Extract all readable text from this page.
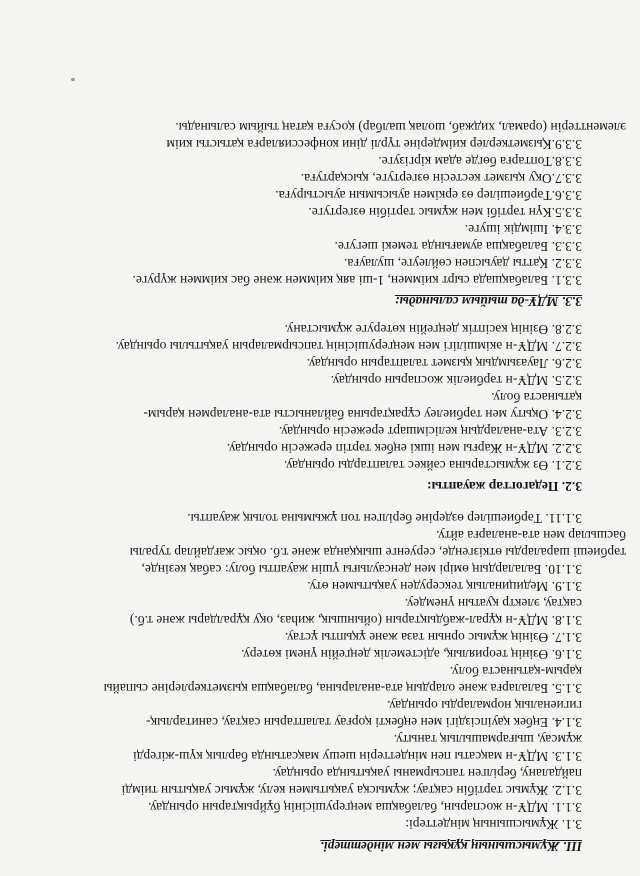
III. Жұмысшының құқығы мен міндеттері.

3.1. Жұмысшының міндеттері:

3.1.1. МДҰ-н жоспарын, балабақша меңгерушісінің бұйрықтарын орындау.

3.1.2. Жұмыс тәртібін сақтау; жұмысқа уақытымен келу, жұмыс уақытын тиімді

пайдалану, берілген тапсырманы уақытында орындау.

3.1.3. МДҰ-н мақсаты пен міндеттерін шешу мақсатында барлық күш-жігерді

жұмсау, шығармашылық таныту.

3.1.4. Еңбек қауіпсіздігі мен еңбекті қорғау талаптарын сақтау, санитарлық-

гигиеналық нормаларды орындау.

3.1.5. Балаларға және олардың ата-аналарына, балабақша қызметкерлеріне сыпайы

қарым-қатынаста болу.

3.1.6. Өзінің теориялық, әдістемелік деңгейін үнемі көтеру.

3.1.7. Өзінің жұмыс орнын таза және ұқыпты ұстау.

3.1.8. МДҰ-н құрал-жабдықтарын (ойыншық, жиһаз, оқу құралдары және т.б.)

сақтау, электр қуатын үнемдеу.

3.1.9. Медициналық тексеруден уақытымен өту.

3.1.10. Балалардың өмірі мен денсаулығы үшін жауапты болу: сабақ кезінде,

тәрбиеші шараларды өткізгенде, серуенге шыққанда және т.б. оқыс жағдайлар туралы

басшылар мен ата-аналарға айту.

3.1.11. Тәрбиешілер өздеріне берілген топ ұжымына толық жауапты.

3.2. Педагогтар жауапты:

3.2.1. Өз жұмыстарына сәйкес талаптарды орындау.

3.2.2. МДҰ-н Жарғы мен ішкі еңбек тәртіп ережесін орындау.

3.2.3. Ата-аналардың келісімшарт ережесін орындау.

3.2.4. Оқыту мен тәрбиелеу сұрақтарына байланысты ата-аналармен қарым-

қатынаста болу.

3.2.5. МДҰ-н тәрбиелік жоспарын орындау.

3.2.6. Лауазымдық қызмет талаптарын орындау.

3.2.7. МДҰ-н әкімшілігі мен меңгерушісінің тапсырмаларын уақытылы орындау.

3.2.8. Өзінің кәсіптік деңгейін көтеруге жұмыстану.

3.3. МДҰ-да тыйым салынады:

3.3.1. Балабақшада сырт киіммен, 1-ші аяқ киіммен және бас киіммен жүруге.

3.3.2. Қатты дауыспен сөйлеуге, шулауға.

3.3.3. Балабақша аумағында темекі шегуге.

3.3.4. Ішімдік ішуге.

3.3.5.Күн тәртібі мен жұмыс тәртібін өзгертуге.

3.3.6.Тәрбиешілер өз еркімен ауысымын ауыстыруға.

3.3.7.Оқу қызмет кестесін өзгертуге, қысқартуға.

3.3.8.Топтарға бөгде адам кіргізуге.

3.3.9.Қызметкерлер киімдеріне түрлі діни конфессияларға қатысты киім

элементтерін (орамал, хиджаб, шолақ шалбар) қосуға қатаң тыйым салынады.
